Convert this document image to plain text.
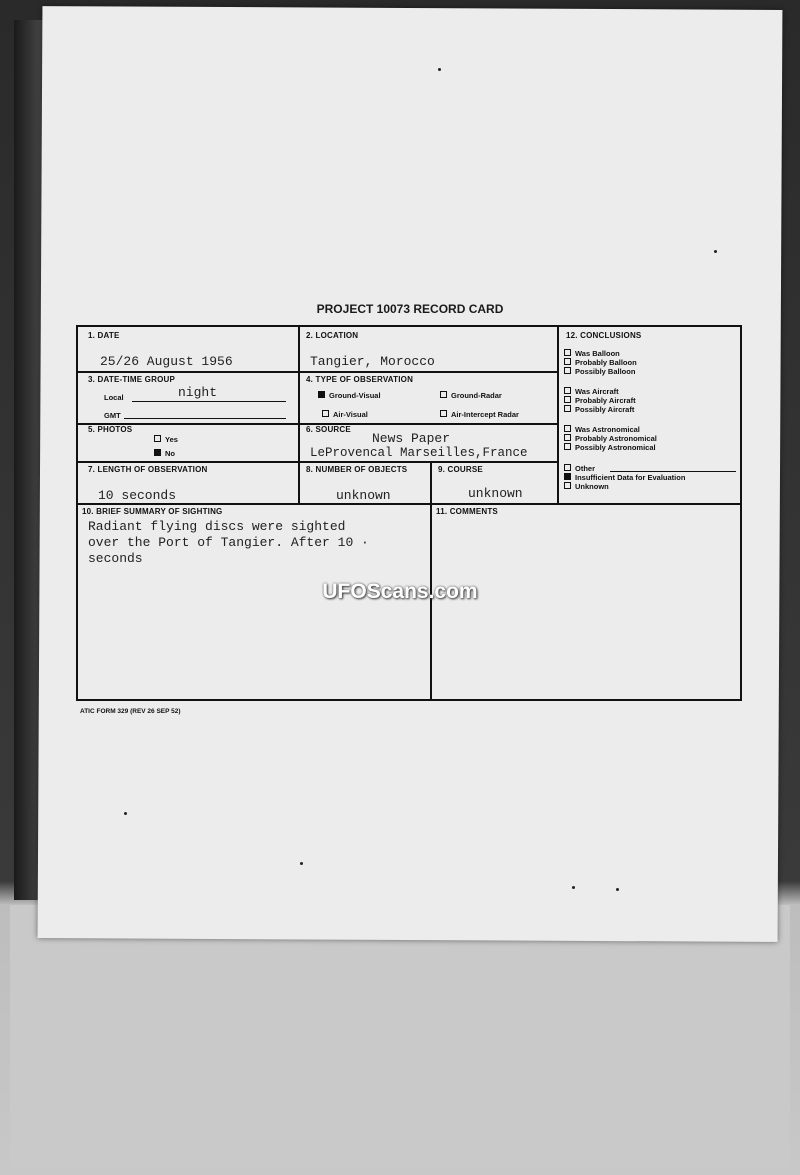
PROJECT 10073 RECORD CARD
1. DATE
25/26 August 1956
2. LOCATION
Tangier, Morocco
3. DATE-TIME GROUP
Local	night
GMT
4. TYPE OF OBSERVATION
Ground-Visual	Ground-Radar
Air-Visual	Air-Intercept Radar
5. PHOTOS
Yes
No
6. SOURCE
News Paper
LeProvencal Marseilles,France
7. LENGTH OF OBSERVATION
10 seconds
8. NUMBER OF OBJECTS
unknown
9. COURSE
unknown
10. BRIEF SUMMARY OF SIGHTING
Radiant flying discs were sighted
over the Port of Tangier. After 10 ·
seconds
11. COMMENTS
12. CONCLUSIONS
Was Balloon
Probably Balloon
Possibly Balloon
Was Aircraft
Probably Aircraft
Possibly Aircraft
Was Astronomical
Probably Astronomical
Possibly Astronomical
Other
Insufficient Data for Evaluation
Unknown
ATIC FORM 329 (REV 26 SEP 52)
UFOScans.com
